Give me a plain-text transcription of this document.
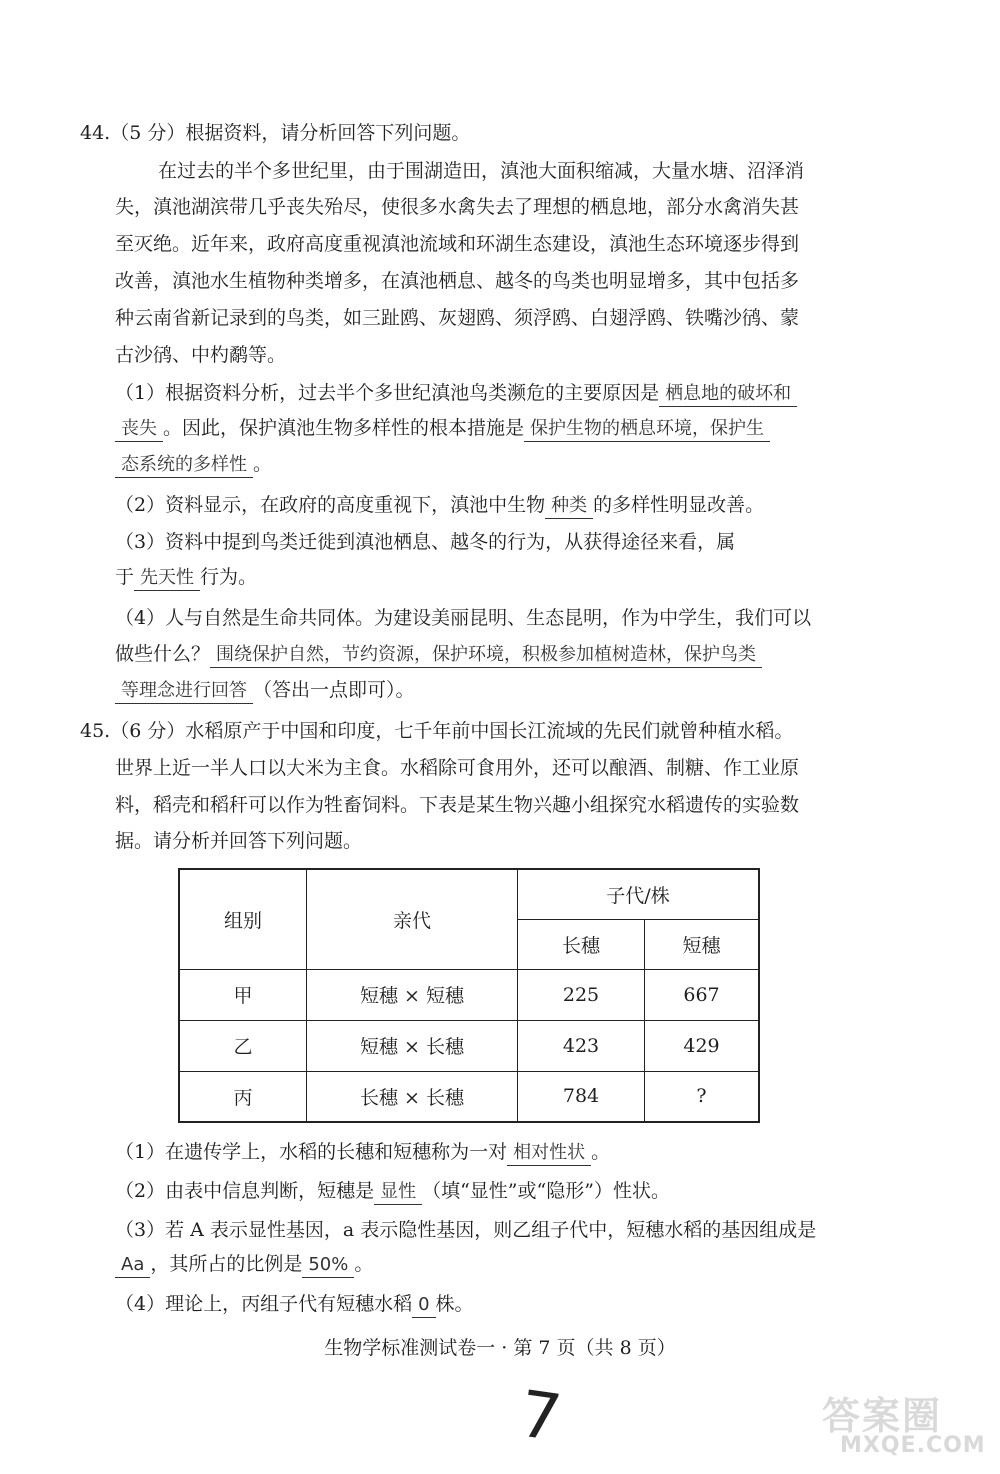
44.（5 分）根据资料，请分析回答下列问题。
在过去的半个多世纪里，由于围湖造田，滇池大面积缩减，大量水塘、沼泽消
失，滇池湖滨带几乎丧失殆尽，使很多水禽失去了理想的栖息地，部分水禽消失甚
至灭绝。近年来，政府高度重视滇池流域和环湖生态建设，滇池生态环境逐步得到
改善，滇池水生植物种类增多，在滇池栖息、越冬的鸟类也明显增多，其中包括多
种云南省新记录到的鸟类，如三趾鸥、灰翅鸥、须浮鸥、白翅浮鸥、铁嘴沙鸻、蒙
古沙鸻、中杓鹬等。
（1）根据资料分析，过去半个多世纪滇池鸟类濒危的主要原因是 栖息地的破坏和
丧失 。因此，保护滇池生物多样性的根本措施是 保护生物的栖息环境，保护生
态系统的多样性 。
（2）资料显示，在政府的高度重视下，滇池中生物 种类 的多样性明显改善。
（3）资料中提到鸟类迁徙到滇池栖息、越冬的行为，从获得途径来看，属
于 先天性 行为。
（4）人与自然是生命共同体。为建设美丽昆明、生态昆明，作为中学生，我们可以
做些什么？ 围绕保护自然，节约资源，保护环境，积极参加植树造林，保护鸟类
等理念进行回答 （答出一点即可）。
45.（6 分）水稻原产于中国和印度，七千年前中国长江流域的先民们就曾种植水稻。
世界上近一半人口以大米为主食。水稻除可食用外，还可以酿酒、制糖、作工业原
料，稻壳和稻秆可以作为牲畜饲料。下表是某生物兴趣小组探究水稻遗传的实验数
据。请分析并回答下列问题。
组别	亲代	子代/株	
		长穗	短穗
甲	短穗 × 短穗	225	667
乙	短穗 × 长穗	423	429
丙	长穗 × 长穗	784	?
（1）在遗传学上，水稻的长穗和短穗称为一对 相对性状 。
（2）由表中信息判断，短穗是 显性 （填“显性”或“隐形”）性状。
（3）若 A 表示显性基因，a 表示隐性基因，则乙组子代中，短穗水稻的基因组成是
Aa ，其所占的比例是 50% 。
（4）理论上，丙组子代有短穗水稻 0 株。
生物学标准测试卷一 · 第 7 页（共 8 页）
7	答案圈
MXQE.COM
